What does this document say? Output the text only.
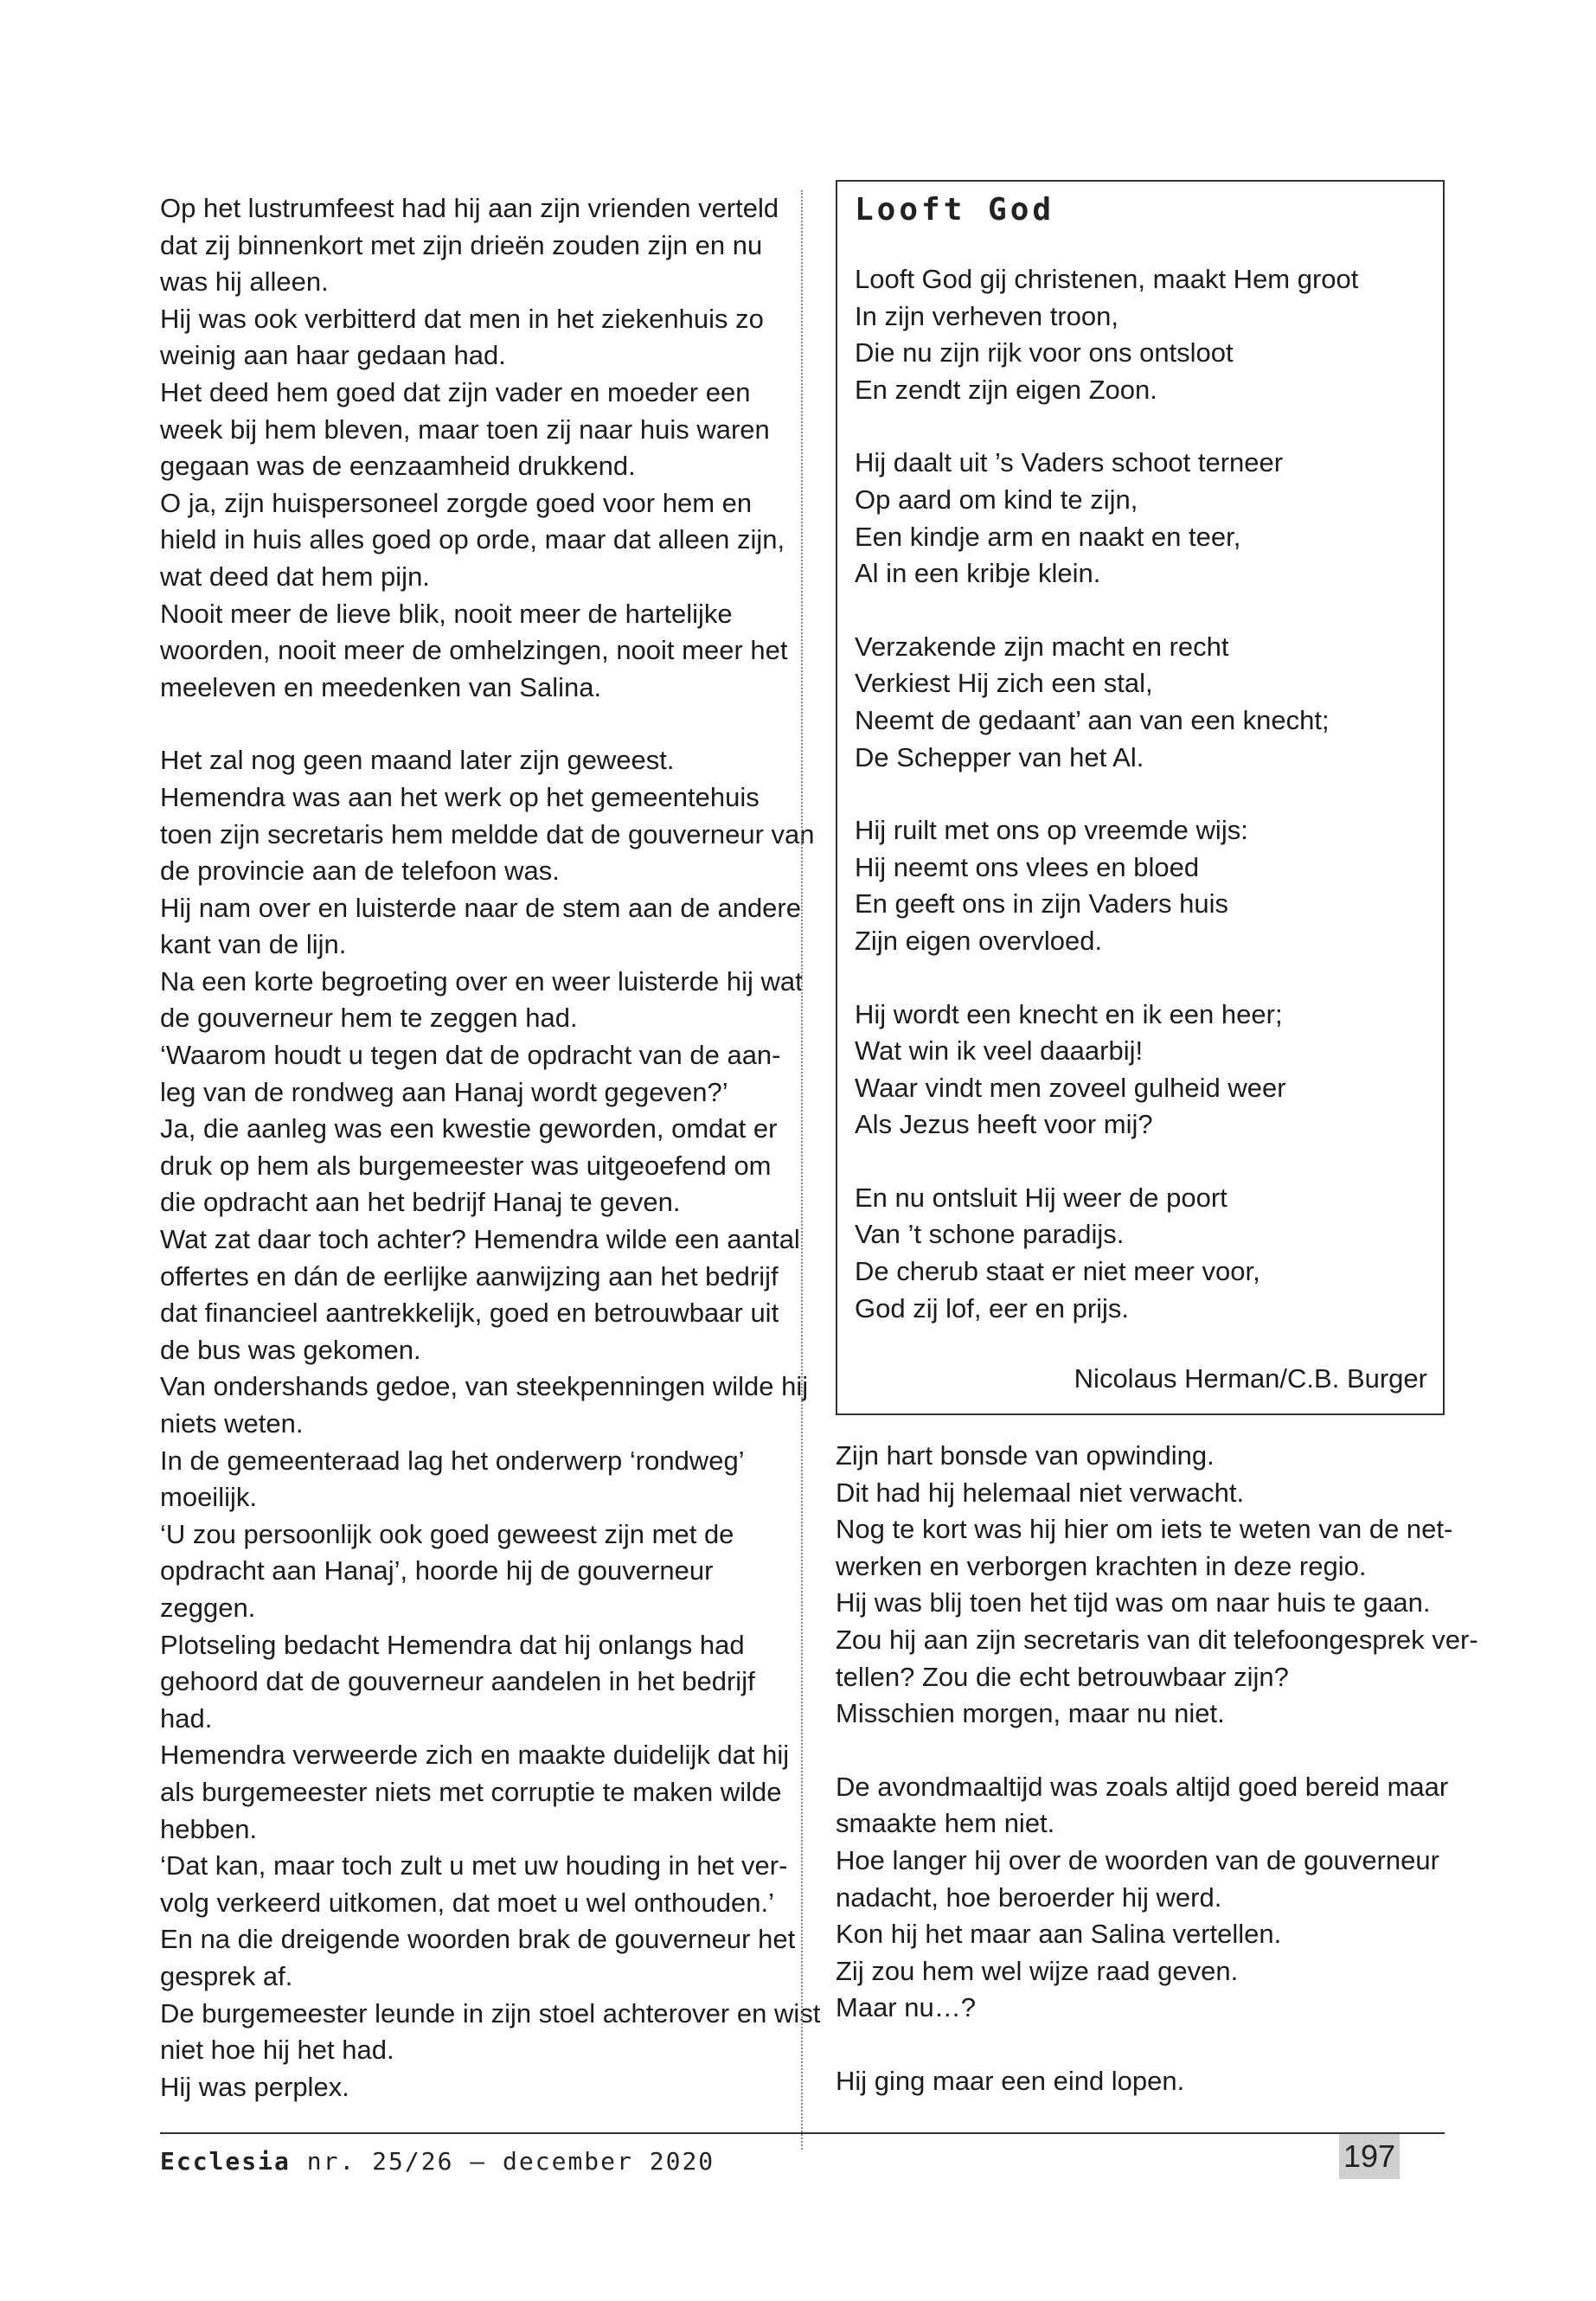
Op het lustrumfeest had hij aan zijn vrienden verteld
dat zij binnenkort met zijn drieën zouden zijn en nu
was hij alleen.
Hij was ook verbitterd dat men in het ziekenhuis zo
weinig aan haar gedaan had.
Het deed hem goed dat zijn vader en moeder een
week bij hem bleven, maar toen zij naar huis waren
gegaan was de eenzaamheid drukkend.
O ja, zijn huispersoneel zorgde goed voor hem en
hield in huis alles goed op orde, maar dat alleen zijn,
wat deed dat hem pijn.
Nooit meer de lieve blik, nooit meer de hartelijke
woorden, nooit meer de omhelzingen, nooit meer het
meeleven en meedenken van Salina.
Het zal nog geen maand later zijn geweest.
Hemendra was aan het werk op het gemeentehuis
toen zijn secretaris hem meldde dat de gouverneur van
de provincie aan de telefoon was.
Hij nam over en luisterde naar de stem aan de andere
kant van de lijn.
Na een korte begroeting over en weer luisterde hij wat
de gouverneur hem te zeggen had.
‘Waarom houdt u tegen dat de opdracht van de aan-
leg van de rondweg aan Hanaj wordt gegeven?’
Ja, die aanleg was een kwestie geworden, omdat er
druk op hem als burgemeester was uitgeoefend om
die opdracht aan het bedrijf Hanaj te geven.
Wat zat daar toch achter? Hemendra wilde een aantal
offertes en dán de eerlijke aanwijzing aan het bedrijf
dat financieel aantrekkelijk, goed en betrouwbaar uit
de bus was gekomen.
Van ondershands gedoe, van steekpenningen wilde hij
niets weten.
In de gemeenteraad lag het onderwerp ‘rondweg’
moeilijk.
‘U zou persoonlijk ook goed geweest zijn met de
opdracht aan Hanaj’, hoorde hij de gouverneur
zeggen.
Plotseling bedacht Hemendra dat hij onlangs had
gehoord dat de gouverneur aandelen in het bedrijf
had.
Hemendra verweerde zich en maakte duidelijk dat hij
als burgemeester niets met corruptie te maken wilde
hebben.
‘Dat kan, maar toch zult u met uw houding in het ver-
volg verkeerd uitkomen, dat moet u wel onthouden.’
En na die dreigende woorden brak de gouverneur het
gesprek af.
De burgemeester leunde in zijn stoel achterover en wist
niet hoe hij het had.
Hij was perplex.
Looft God
Looft God gij christenen, maakt Hem groot
In zijn verheven troon,
Die nu zijn rijk voor ons ontsloot
En zendt zijn eigen Zoon.
Hij daalt uit ’s Vaders schoot terneer
Op aard om kind te zijn,
Een kindje arm en naakt en teer,
Al in een kribje klein.
Verzakende zijn macht en recht
Verkiest Hij zich een stal,
Neemt de gedaant’ aan van een knecht;
De Schepper van het Al.
Hij ruilt met ons op vreemde wijs:
Hij neemt ons vlees en bloed
En geeft ons in zijn Vaders huis
Zijn eigen overvloed.
Hij wordt een knecht en ik een heer;
Wat win ik veel daaarbij!
Waar vindt men zoveel gulheid weer
Als Jezus heeft voor mij?
En nu ontsluit Hij weer de poort
Van ’t schone paradijs.
De cherub staat er niet meer voor,
God zij lof, eer en prijs.
Nicolaus Herman/C.B. Burger
Zijn hart bonsde van opwinding.
Dit had hij helemaal niet verwacht.
Nog te kort was hij hier om iets te weten van de net-
werken en verborgen krachten in deze regio.
Hij was blij toen het tijd was om naar huis te gaan.
Zou hij aan zijn secretaris van dit telefoongesprek ver-
tellen? Zou die echt betrouwbaar zijn?
Misschien morgen, maar nu niet.
De avondmaaltijd was zoals altijd goed bereid maar
smaakte hem niet.
Hoe langer hij over de woorden van de gouverneur
nadacht, hoe beroerder hij werd.
Kon hij het maar aan Salina vertellen.
Zij zou hem wel wijze raad geven.
Maar nu…?
Hij ging maar een eind lopen.
Ecclesia nr. 25/26 – december 2020	197
